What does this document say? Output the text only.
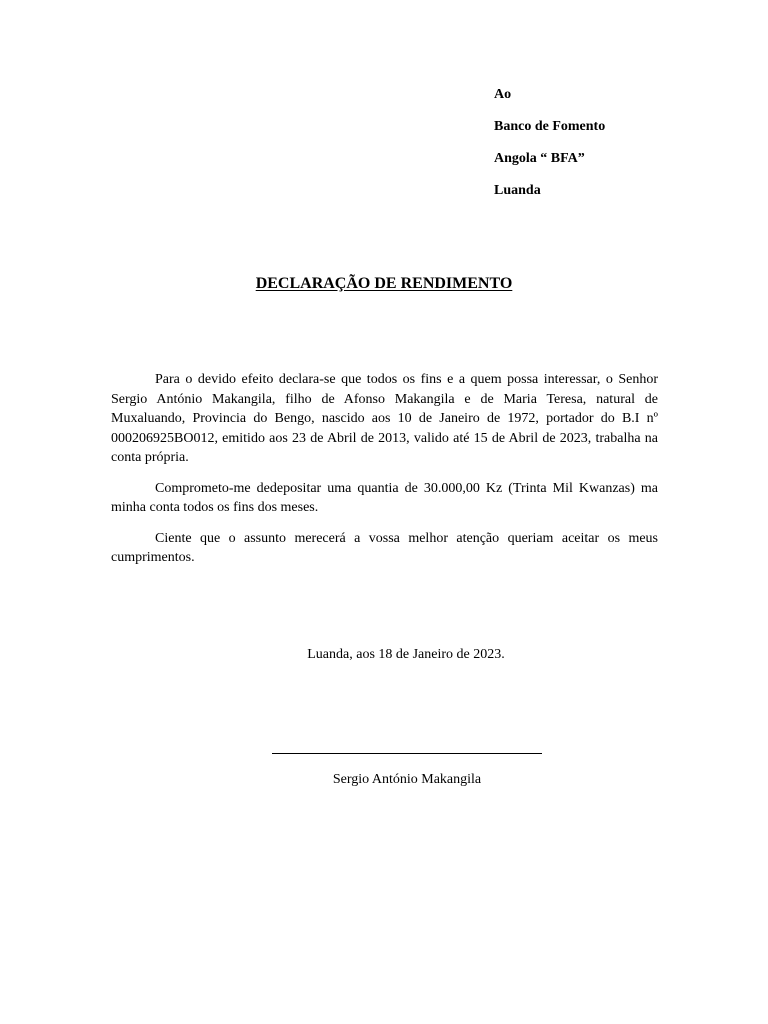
Ao
Banco de Fomento
Angola “ BFA”
Luanda
DECLARAÇÃO DE RENDIMENTO

Para o devido efeito declara-se que todos os fins e a quem possa interessar, o Senhor Sergio António Makangila, filho de Afonso Makangila e de Maria Teresa, natural de Muxaluando, Provincia do Bengo, nascido aos 10 de Janeiro de 1972, portador do B.I nº 000206925BO012, emitido aos 23 de Abril de 2013, valido até 15 de Abril de 2023, trabalha na conta própria.

Comprometo-me dedepositar uma quantia de 30.000,00 Kz (Trinta Mil Kwanzas) ma minha conta todos os fins dos meses.

Ciente que o assunto merecerá a vossa melhor atenção queriam aceitar os meus cumprimentos.

Luanda, aos 18 de Janeiro de 2023.
Sergio António Makangila
